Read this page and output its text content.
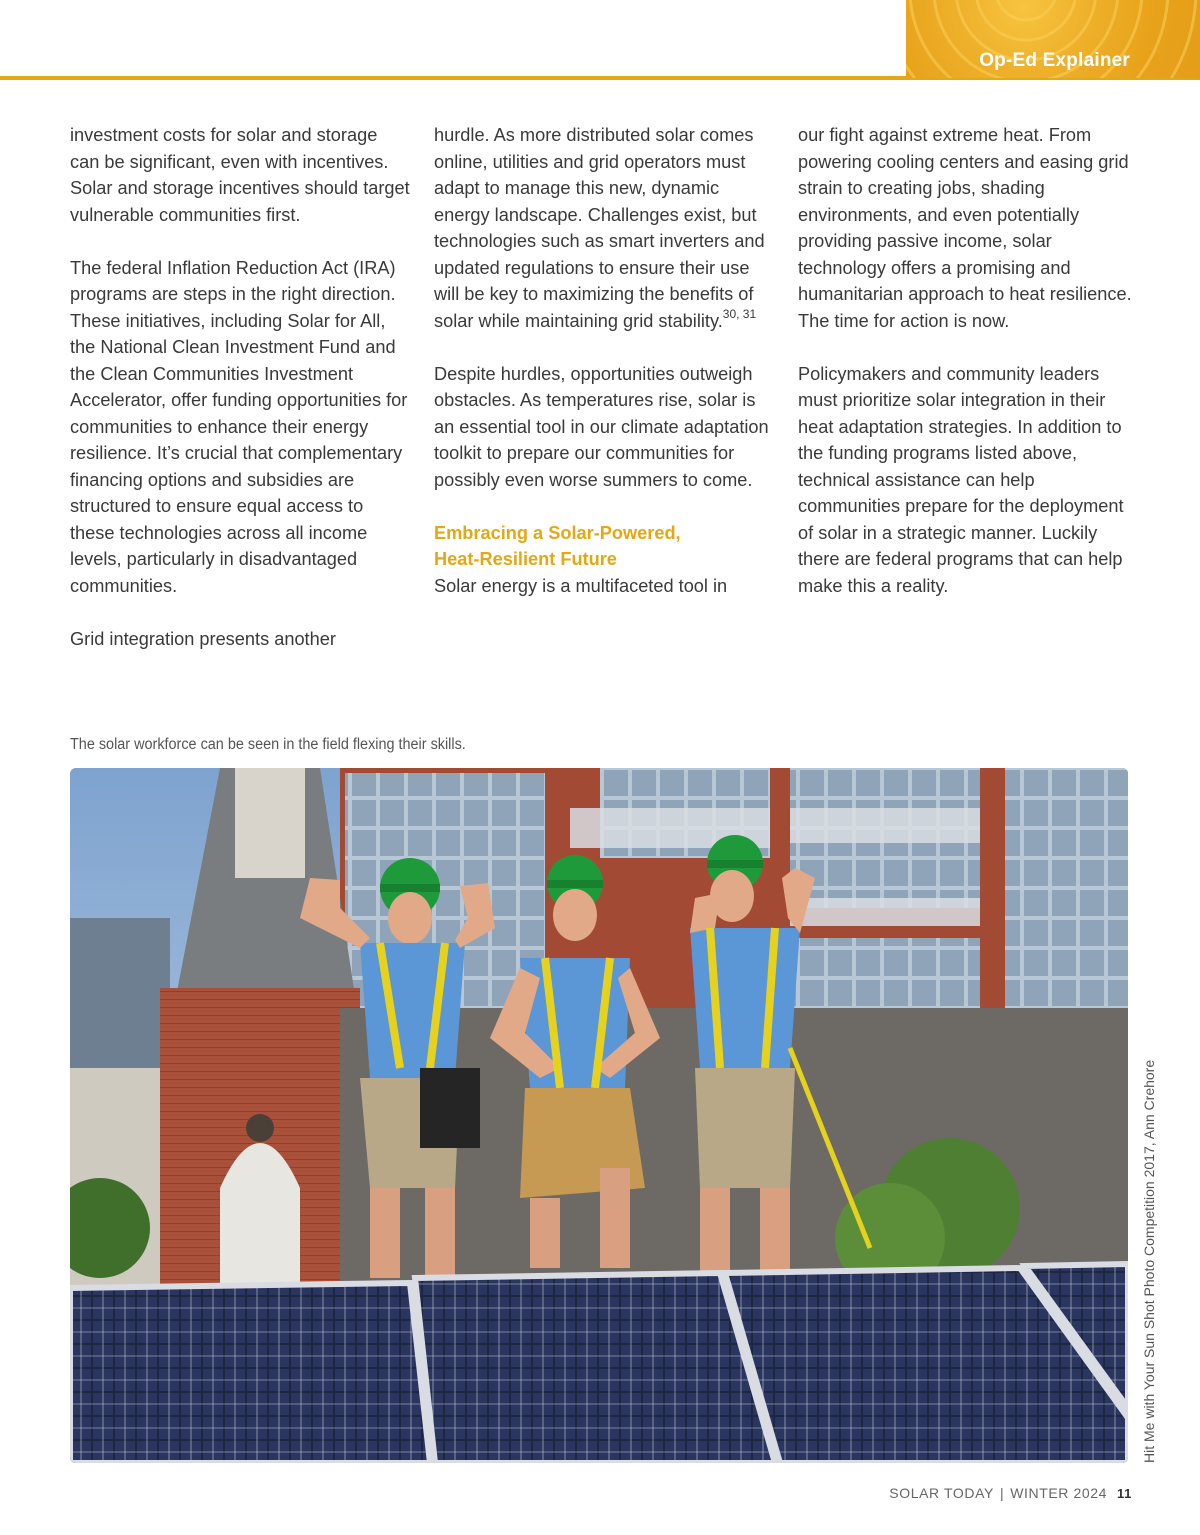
Op-Ed Explainer

investment costs for solar and storage can be significant, even with incentives. Solar and storage incentives should target vulnerable communities first.

The federal Inflation Reduction Act (IRA) programs are steps in the right direction. These initiatives, including Solar for All, the National Clean Investment Fund and the Clean Communities Investment Accelerator, offer funding opportunities for communities to enhance their energy resilience. It’s crucial that complementary financing options and subsidies are structured to ensure equal access to these technologies across all income levels, particularly in disadvantaged communities.

Grid integration presents another

hurdle. As more distributed solar comes online, utilities and grid operators must adapt to manage this new, dynamic energy landscape. Challenges exist, but technologies such as smart inverters and updated regulations to ensure their use will be key to maximizing the benefits of solar while maintaining grid stability.$^{30, 31}$

Despite hurdles, opportunities outweigh obstacles. As temperatures rise, solar is an essential tool in our climate adaptation toolkit to prepare our communities for possibly even worse summers to come.

Embracing a Solar-Powered,
Heat-Resilient Future
Solar energy is a multifaceted tool in

our fight against extreme heat. From powering cooling centers and easing grid strain to creating jobs, shading environments, and even potentially providing passive income, solar technology offers a promising and humanitarian approach to heat resilience. The time for action is now.

Policymakers and community leaders must prioritize solar integration in their heat adaptation strategies. In addition to the funding programs listed above, technical assistance can help communities prepare for the deployment of solar in a strategic manner. Luckily there are federal programs that can help make this a reality.

The solar workforce can be seen in the field flexing their skills.
Hit Me with Your Sun Shot Photo Competition 2017, Ann Crehore
SOLAR TODAY | WINTER 2024 11
